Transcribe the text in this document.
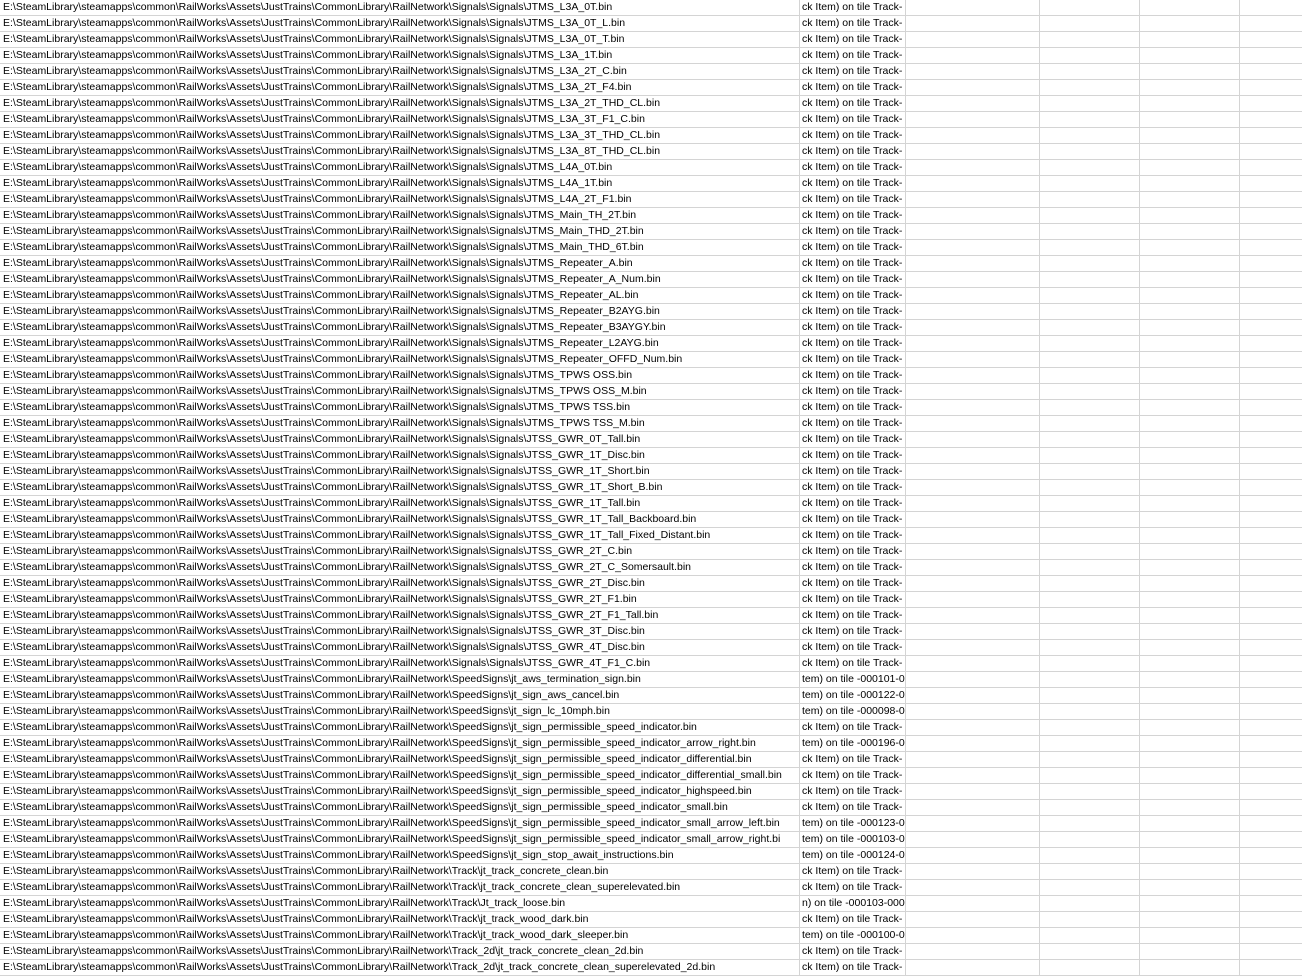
E:\SteamLibrary\steamapps\common\RailWorks\Assets\JustTrains\CommonLibrary\RailNetwork\Signals\Signals\JTMS_L3A_0T.bin	ck Item) on tile Track-
E:\SteamLibrary\steamapps\common\RailWorks\Assets\JustTrains\CommonLibrary\RailNetwork\Signals\Signals\JTMS_L3A_0T_L.bin	ck Item) on tile Track-
E:\SteamLibrary\steamapps\common\RailWorks\Assets\JustTrains\CommonLibrary\RailNetwork\Signals\Signals\JTMS_L3A_0T_T.bin	ck Item) on tile Track-
E:\SteamLibrary\steamapps\common\RailWorks\Assets\JustTrains\CommonLibrary\RailNetwork\Signals\Signals\JTMS_L3A_1T.bin	ck Item) on tile Track-
E:\SteamLibrary\steamapps\common\RailWorks\Assets\JustTrains\CommonLibrary\RailNetwork\Signals\Signals\JTMS_L3A_2T_C.bin	ck Item) on tile Track-
E:\SteamLibrary\steamapps\common\RailWorks\Assets\JustTrains\CommonLibrary\RailNetwork\Signals\Signals\JTMS_L3A_2T_F4.bin	ck Item) on tile Track-
E:\SteamLibrary\steamapps\common\RailWorks\Assets\JustTrains\CommonLibrary\RailNetwork\Signals\Signals\JTMS_L3A_2T_THD_CL.bin	ck Item) on tile Track-
E:\SteamLibrary\steamapps\common\RailWorks\Assets\JustTrains\CommonLibrary\RailNetwork\Signals\Signals\JTMS_L3A_3T_F1_C.bin	ck Item) on tile Track-
E:\SteamLibrary\steamapps\common\RailWorks\Assets\JustTrains\CommonLibrary\RailNetwork\Signals\Signals\JTMS_L3A_3T_THD_CL.bin	ck Item) on tile Track-
E:\SteamLibrary\steamapps\common\RailWorks\Assets\JustTrains\CommonLibrary\RailNetwork\Signals\Signals\JTMS_L3A_8T_THD_CL.bin	ck Item) on tile Track-
E:\SteamLibrary\steamapps\common\RailWorks\Assets\JustTrains\CommonLibrary\RailNetwork\Signals\Signals\JTMS_L4A_0T.bin	ck Item) on tile Track-
E:\SteamLibrary\steamapps\common\RailWorks\Assets\JustTrains\CommonLibrary\RailNetwork\Signals\Signals\JTMS_L4A_1T.bin	ck Item) on tile Track-
E:\SteamLibrary\steamapps\common\RailWorks\Assets\JustTrains\CommonLibrary\RailNetwork\Signals\Signals\JTMS_L4A_2T_F1.bin	ck Item) on tile Track-
E:\SteamLibrary\steamapps\common\RailWorks\Assets\JustTrains\CommonLibrary\RailNetwork\Signals\Signals\JTMS_Main_TH_2T.bin	ck Item) on tile Track-
E:\SteamLibrary\steamapps\common\RailWorks\Assets\JustTrains\CommonLibrary\RailNetwork\Signals\Signals\JTMS_Main_THD_2T.bin	ck Item) on tile Track-
E:\SteamLibrary\steamapps\common\RailWorks\Assets\JustTrains\CommonLibrary\RailNetwork\Signals\Signals\JTMS_Main_THD_6T.bin	ck Item) on tile Track-
E:\SteamLibrary\steamapps\common\RailWorks\Assets\JustTrains\CommonLibrary\RailNetwork\Signals\Signals\JTMS_Repeater_A.bin	ck Item) on tile Track-
E:\SteamLibrary\steamapps\common\RailWorks\Assets\JustTrains\CommonLibrary\RailNetwork\Signals\Signals\JTMS_Repeater_A_Num.bin	ck Item) on tile Track-
E:\SteamLibrary\steamapps\common\RailWorks\Assets\JustTrains\CommonLibrary\RailNetwork\Signals\Signals\JTMS_Repeater_AL.bin	ck Item) on tile Track-
E:\SteamLibrary\steamapps\common\RailWorks\Assets\JustTrains\CommonLibrary\RailNetwork\Signals\Signals\JTMS_Repeater_B2AYG.bin	ck Item) on tile Track-
E:\SteamLibrary\steamapps\common\RailWorks\Assets\JustTrains\CommonLibrary\RailNetwork\Signals\Signals\JTMS_Repeater_B3AYGY.bin	ck Item) on tile Track-
E:\SteamLibrary\steamapps\common\RailWorks\Assets\JustTrains\CommonLibrary\RailNetwork\Signals\Signals\JTMS_Repeater_L2AYG.bin	ck Item) on tile Track-
E:\SteamLibrary\steamapps\common\RailWorks\Assets\JustTrains\CommonLibrary\RailNetwork\Signals\Signals\JTMS_Repeater_OFFD_Num.bin	ck Item) on tile Track-
E:\SteamLibrary\steamapps\common\RailWorks\Assets\JustTrains\CommonLibrary\RailNetwork\Signals\Signals\JTMS_TPWS OSS.bin	ck Item) on tile Track-
E:\SteamLibrary\steamapps\common\RailWorks\Assets\JustTrains\CommonLibrary\RailNetwork\Signals\Signals\JTMS_TPWS OSS_M.bin	ck Item) on tile Track-
E:\SteamLibrary\steamapps\common\RailWorks\Assets\JustTrains\CommonLibrary\RailNetwork\Signals\Signals\JTMS_TPWS TSS.bin	ck Item) on tile Track-
E:\SteamLibrary\steamapps\common\RailWorks\Assets\JustTrains\CommonLibrary\RailNetwork\Signals\Signals\JTMS_TPWS TSS_M.bin	ck Item) on tile Track-
E:\SteamLibrary\steamapps\common\RailWorks\Assets\JustTrains\CommonLibrary\RailNetwork\Signals\Signals\JTSS_GWR_0T_Tall.bin	ck Item) on tile Track-
E:\SteamLibrary\steamapps\common\RailWorks\Assets\JustTrains\CommonLibrary\RailNetwork\Signals\Signals\JTSS_GWR_1T_Disc.bin	ck Item) on tile Track-
E:\SteamLibrary\steamapps\common\RailWorks\Assets\JustTrains\CommonLibrary\RailNetwork\Signals\Signals\JTSS_GWR_1T_Short.bin	ck Item) on tile Track-
E:\SteamLibrary\steamapps\common\RailWorks\Assets\JustTrains\CommonLibrary\RailNetwork\Signals\Signals\JTSS_GWR_1T_Short_B.bin	ck Item) on tile Track-
E:\SteamLibrary\steamapps\common\RailWorks\Assets\JustTrains\CommonLibrary\RailNetwork\Signals\Signals\JTSS_GWR_1T_Tall.bin	ck Item) on tile Track-
E:\SteamLibrary\steamapps\common\RailWorks\Assets\JustTrains\CommonLibrary\RailNetwork\Signals\Signals\JTSS_GWR_1T_Tall_Backboard.bin	ck Item) on tile Track-
E:\SteamLibrary\steamapps\common\RailWorks\Assets\JustTrains\CommonLibrary\RailNetwork\Signals\Signals\JTSS_GWR_1T_Tall_Fixed_Distant.bin	ck Item) on tile Track-
E:\SteamLibrary\steamapps\common\RailWorks\Assets\JustTrains\CommonLibrary\RailNetwork\Signals\Signals\JTSS_GWR_2T_C.bin	ck Item) on tile Track-
E:\SteamLibrary\steamapps\common\RailWorks\Assets\JustTrains\CommonLibrary\RailNetwork\Signals\Signals\JTSS_GWR_2T_C_Somersault.bin	ck Item) on tile Track-
E:\SteamLibrary\steamapps\common\RailWorks\Assets\JustTrains\CommonLibrary\RailNetwork\Signals\Signals\JTSS_GWR_2T_Disc.bin	ck Item) on tile Track-
E:\SteamLibrary\steamapps\common\RailWorks\Assets\JustTrains\CommonLibrary\RailNetwork\Signals\Signals\JTSS_GWR_2T_F1.bin	ck Item) on tile Track-
E:\SteamLibrary\steamapps\common\RailWorks\Assets\JustTrains\CommonLibrary\RailNetwork\Signals\Signals\JTSS_GWR_2T_F1_Tall.bin	ck Item) on tile Track-
E:\SteamLibrary\steamapps\common\RailWorks\Assets\JustTrains\CommonLibrary\RailNetwork\Signals\Signals\JTSS_GWR_3T_Disc.bin	ck Item) on tile Track-
E:\SteamLibrary\steamapps\common\RailWorks\Assets\JustTrains\CommonLibrary\RailNetwork\Signals\Signals\JTSS_GWR_4T_Disc.bin	ck Item) on tile Track-
E:\SteamLibrary\steamapps\common\RailWorks\Assets\JustTrains\CommonLibrary\RailNetwork\Signals\Signals\JTSS_GWR_4T_F1_C.bin	ck Item) on tile Track-
E:\SteamLibrary\steamapps\common\RailWorks\Assets\JustTrains\CommonLibrary\RailNetwork\SpeedSigns\jt_aws_termination_sign.bin	tem) on tile -000101-0
E:\SteamLibrary\steamapps\common\RailWorks\Assets\JustTrains\CommonLibrary\RailNetwork\SpeedSigns\jt_sign_aws_cancel.bin	tem) on tile -000122-0
E:\SteamLibrary\steamapps\common\RailWorks\Assets\JustTrains\CommonLibrary\RailNetwork\SpeedSigns\jt_sign_lc_10mph.bin	tem) on tile -000098-0
E:\SteamLibrary\steamapps\common\RailWorks\Assets\JustTrains\CommonLibrary\RailNetwork\SpeedSigns\jt_sign_permissible_speed_indicator.bin	ck Item) on tile Track-
E:\SteamLibrary\steamapps\common\RailWorks\Assets\JustTrains\CommonLibrary\RailNetwork\SpeedSigns\jt_sign_permissible_speed_indicator_arrow_right.bin	tem) on tile -000196-0
E:\SteamLibrary\steamapps\common\RailWorks\Assets\JustTrains\CommonLibrary\RailNetwork\SpeedSigns\jt_sign_permissible_speed_indicator_differential.bin	ck Item) on tile Track-
E:\SteamLibrary\steamapps\common\RailWorks\Assets\JustTrains\CommonLibrary\RailNetwork\SpeedSigns\jt_sign_permissible_speed_indicator_differential_small.bin	ck Item) on tile Track-
E:\SteamLibrary\steamapps\common\RailWorks\Assets\JustTrains\CommonLibrary\RailNetwork\SpeedSigns\jt_sign_permissible_speed_indicator_highspeed.bin	ck Item) on tile Track-
E:\SteamLibrary\steamapps\common\RailWorks\Assets\JustTrains\CommonLibrary\RailNetwork\SpeedSigns\jt_sign_permissible_speed_indicator_small.bin	ck Item) on tile Track-
E:\SteamLibrary\steamapps\common\RailWorks\Assets\JustTrains\CommonLibrary\RailNetwork\SpeedSigns\jt_sign_permissible_speed_indicator_small_arrow_left.bin	tem) on tile -000123-0
E:\SteamLibrary\steamapps\common\RailWorks\Assets\JustTrains\CommonLibrary\RailNetwork\SpeedSigns\jt_sign_permissible_speed_indicator_small_arrow_right.bi	tem) on tile -000103-0
E:\SteamLibrary\steamapps\common\RailWorks\Assets\JustTrains\CommonLibrary\RailNetwork\SpeedSigns\jt_sign_stop_await_instructions.bin	tem) on tile -000124-0
E:\SteamLibrary\steamapps\common\RailWorks\Assets\JustTrains\CommonLibrary\RailNetwork\Track\jt_track_concrete_clean.bin	ck Item) on tile Track-
E:\SteamLibrary\steamapps\common\RailWorks\Assets\JustTrains\CommonLibrary\RailNetwork\Track\jt_track_concrete_clean_superelevated.bin	ck Item) on tile Track-
E:\SteamLibrary\steamapps\common\RailWorks\Assets\JustTrains\CommonLibrary\RailNetwork\Track\Jt_track_loose.bin	n) on tile -000103-000
E:\SteamLibrary\steamapps\common\RailWorks\Assets\JustTrains\CommonLibrary\RailNetwork\Track\jt_track_wood_dark.bin	ck Item) on tile Track-
E:\SteamLibrary\steamapps\common\RailWorks\Assets\JustTrains\CommonLibrary\RailNetwork\Track\jt_track_wood_dark_sleeper.bin	tem) on tile -000100-0
E:\SteamLibrary\steamapps\common\RailWorks\Assets\JustTrains\CommonLibrary\RailNetwork\Track_2d\jt_track_concrete_clean_2d.bin	ck Item) on tile Track-
E:\SteamLibrary\steamapps\common\RailWorks\Assets\JustTrains\CommonLibrary\RailNetwork\Track_2d\jt_track_concrete_clean_superelevated_2d.bin	ck Item) on tile Track-
